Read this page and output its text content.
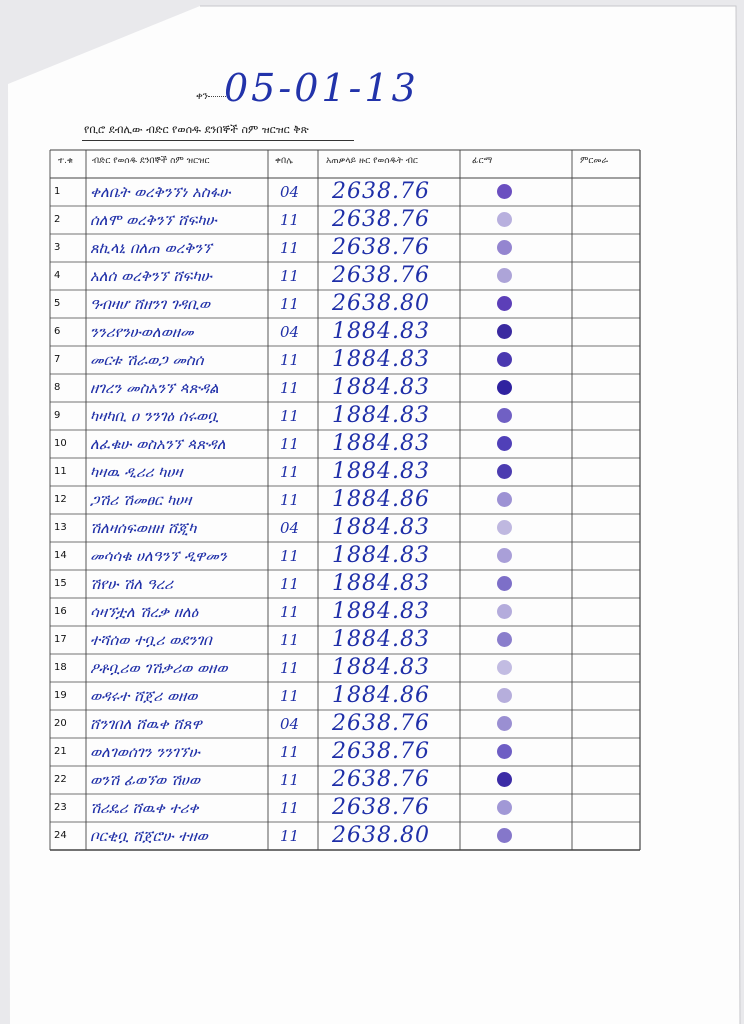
ቀን 05-01-13
የቢሮ ደብሊው ብድር የወሰዱ ደንበኞች ስም ዝርዝር ቅጽ
ተ.ቁ ብድር የወሰዱ ደንበኞች ስም ዝርዝር	ቀበሌ	አጠቃላይ ዙር የወሰዱት ብር	ፊርማ	ምርመራ
1 ቀለቤት ወረቅንኘነ አስፋሁ	04 2638.76
2 ሰለሞ ወረቅንኘ ሸፍካሁ	11 2638.76
3 ጸኪላኒ በለጠ ወረቅንኘ	11 2638.76
4 አለሰ ወረቅንኘ ሸፍካሁ	11 2638.76
5 ዓብዛሆ ሸዘንገ ገዳቢወ	11 2638.80
6 ንንሪየንሁወለወዘመ	04 1884.83
7 መርቱ ሽራወጋ መስሰ	11 1884.83
8 ዘገረን መስአንኘ ጳጽዳል	11 1884.83
9 ካዛካቢ ዐ ንንገዕ ሰሩወቧ	11 1884.83
10 ለፈቁሁ ወስአንኘ ጳጽዳለ	11 1884.83
11 ካዛዉ ዲሪሪ ካሀዛ	11 1884.83
12 ጋሽሪ ሽመፀር ካሀዛ	11 1884.86
13 ሽለዛሰፍወዘዘ ሸጂካ	04 1884.83
14 መሳሳቁ ሀለዓንኘ ዲዋመን	11 1884.83
15 ሽየሁ ሽለ ዓረሪ	11 1884.83
16 ሳዛኘቷለ ሽረቃ ዘለዕ	11 1884.83
17 ተሻሰወ ተቧሪ ወደንገበ	11 1884.83
18 ዖቶቧሪወ ገሽቃሪወ ወዘወ	11 1884.83
19 ወዳሩተ ሸጀሪ ወዘወ	11 1884.86
20 ሸንገበለ ሸዉቀ ሸጸዋ	04 2638.76
21 ወለገወሰገን ንንገኘሁ	11 2638.76
22 ወንሽ ፊወኘወ ሽሀወ	11 2638.76
23 ሽሪዴሪ ሸዉቀ ተሪቀ	11 2638.76
24 ቦርቂቧ ሸጀሮሁ ተዘወ	11 2638.80
